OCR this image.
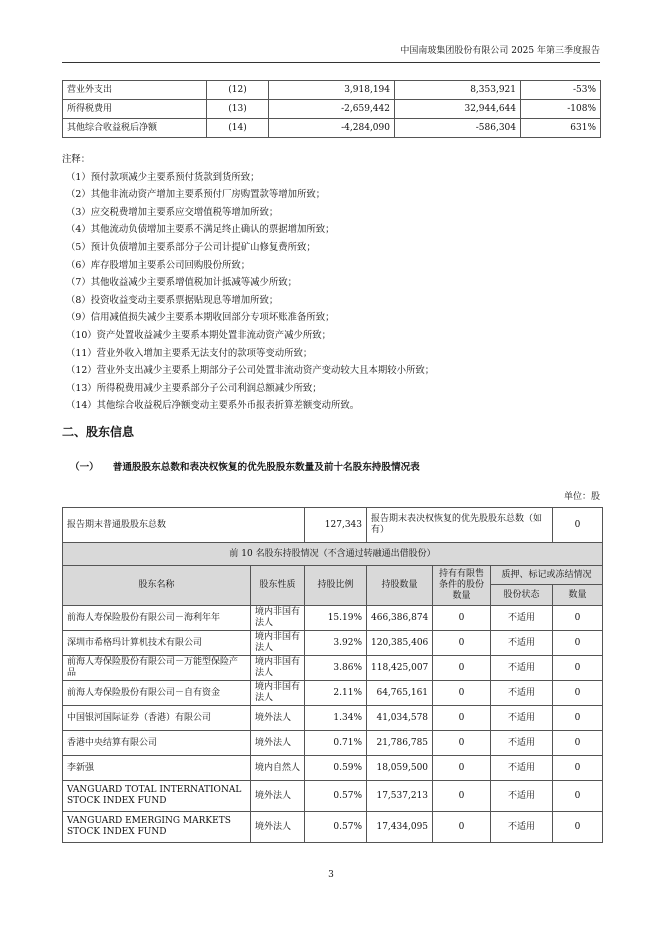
中国南玻集团股份有限公司 2025 年第三季度报告
营业外支出	(12)	3,918,194	8,353,921	-53%
所得税费用	(13)	-2,659,442	32,944,644	-108%
其他综合收益税后净额	(14)	-4,284,090	-586,304	631%
注释：
（1）预付款项减少主要系预付货款到货所致；
（2）其他非流动资产增加主要系预付厂房购置款等增加所致；
（3）应交税费增加主要系应交增值税等增加所致；
（4）其他流动负债增加主要系不满足终止确认的票据增加所致；
（5）预计负债增加主要系部分子公司计提矿山修复费所致；
（6）库存股增加主要系公司回购股份所致；
（7）其他收益减少主要系增值税加计抵减等减少所致；
（8）投资收益变动主要系票据贴现息等增加所致；
（9）信用减值损失减少主要系本期收回部分专项坏账准备所致；
（10）资产处置收益减少主要系本期处置非流动资产减少所致；
（11）营业外收入增加主要系无法支付的款项等变动所致；
（12）营业外支出减少主要系上期部分子公司处置非流动资产变动较大且本期较小所致；
（13）所得税费用减少主要系部分子公司利润总额减少所致；
（14）其他综合收益税后净额变动主要系外币报表折算差额变动所致。
二、股东信息
（一） 普通股股东总数和表决权恢复的优先股股东数量及前十名股东持股情况表
单位：股
报告期末普通股股东总数		127,343	报告期末表决权恢复的优先股股东总数（如有）			0
前 10 名股东持股情况（不含通过转融通出借股份）						
股东名称	股东性质	持股比例	持股数量	持有有限售条件的股份数量	质押、标记或冻结情况	
					股份状态	数量
前海人寿保险股份有限公司－海利年年	境内非国有法人	15.19%	466,386,874	0	不适用	0
深圳市希格玛计算机技术有限公司	境内非国有法人	3.92%	120,385,406	0	不适用	0
前海人寿保险股份有限公司－万能型保险产品	境内非国有法人	3.86%	118,425,007	0	不适用	0
前海人寿保险股份有限公司－自有资金	境内非国有法人	2.11%	64,765,161	0	不适用	0
中国银河国际证券（香港）有限公司	境外法人	1.34%	41,034,578	0	不适用	0
香港中央结算有限公司	境外法人	0.71%	21,786,785	0	不适用	0
李新强	境内自然人	0.59%	18,059,500	0	不适用	0
VANGUARD TOTAL INTERNATIONAL STOCK INDEX FUND	境外法人	0.57%	17,537,213	0	不适用	0
VANGUARD EMERGING MARKETS STOCK INDEX FUND	境外法人	0.57%	17,434,095	0	不适用	0
3
